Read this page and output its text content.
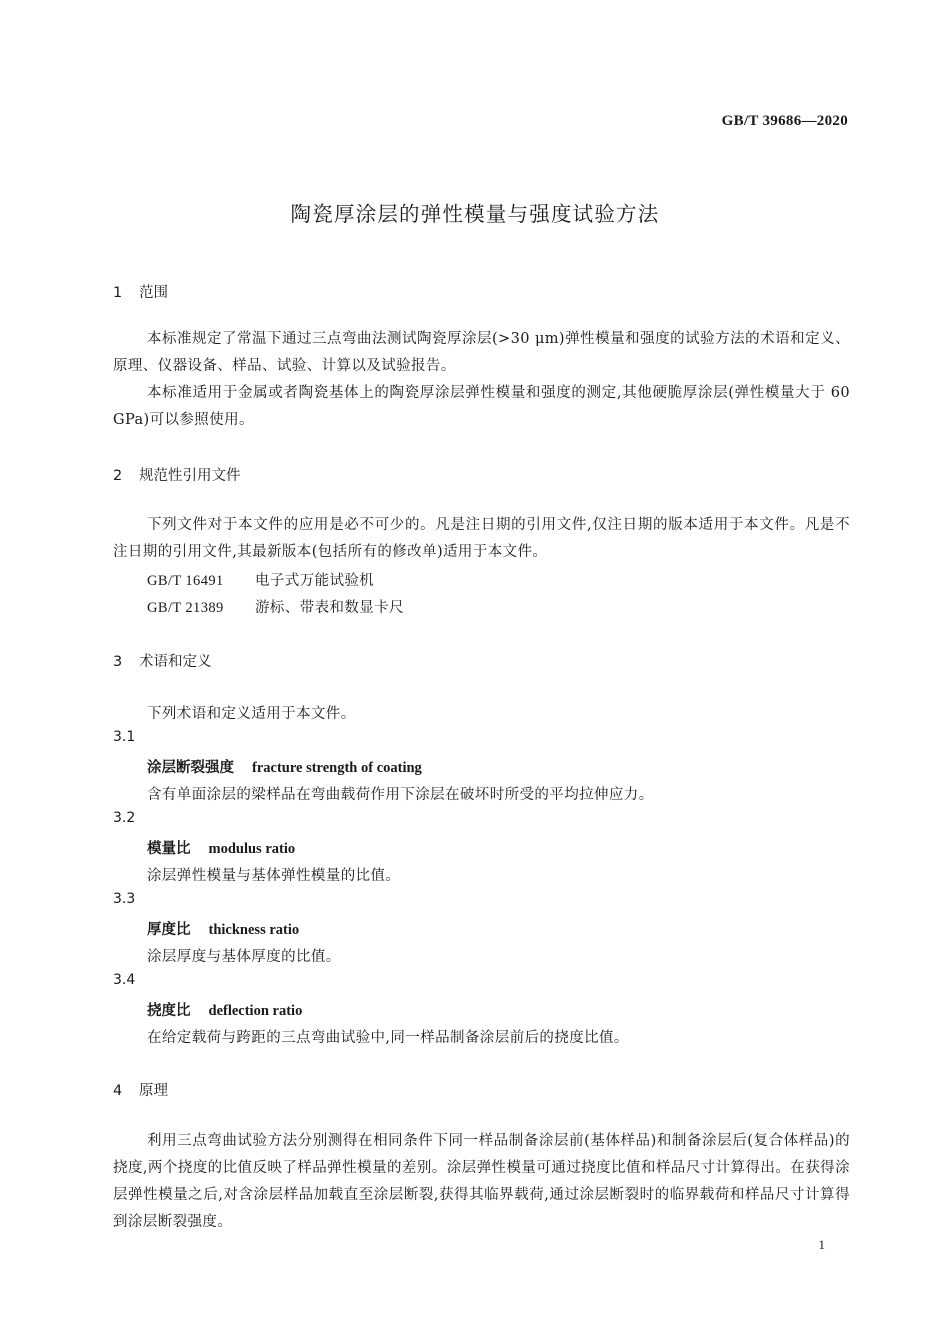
GB/T 39686—2020
陶瓷厚涂层的弹性模量与强度试验方法
1 范围
本标准规定了常温下通过三点弯曲法测试陶瓷厚涂层(>30 μm)弹性模量和强度的试验方法的术语和定义、原理、仪器设备、样品、试验、计算以及试验报告。
本标准适用于金属或者陶瓷基体上的陶瓷厚涂层弹性模量和强度的测定,其他硬脆厚涂层(弹性模量大于 60 GPa)可以参照使用。
2 规范性引用文件
下列文件对于本文件的应用是必不可少的。凡是注日期的引用文件,仅注日期的版本适用于本文件。凡是不注日期的引用文件,其最新版本(包括所有的修改单)适用于本文件。
GB/T 16491 电子式万能试验机
GB/T 21389 游标、带表和数显卡尺
3 术语和定义
下列术语和定义适用于本文件。
3.1
涂层断裂强度 fracture strength of coating
含有单面涂层的梁样品在弯曲载荷作用下涂层在破坏时所受的平均拉伸应力。
3.2
模量比 modulus ratio
涂层弹性模量与基体弹性模量的比值。
3.3
厚度比 thickness ratio
涂层厚度与基体厚度的比值。
3.4
挠度比 deflection ratio
在给定载荷与跨距的三点弯曲试验中,同一样品制备涂层前后的挠度比值。
4 原理
利用三点弯曲试验方法分别测得在相同条件下同一样品制备涂层前(基体样品)和制备涂层后(复合体样品)的挠度,两个挠度的比值反映了样品弹性模量的差别。涂层弹性模量可通过挠度比值和样品尺寸计算得出。在获得涂层弹性模量之后,对含涂层样品加载直至涂层断裂,获得其临界载荷,通过涂层断裂时的临界载荷和样品尺寸计算得到涂层断裂强度。
1
